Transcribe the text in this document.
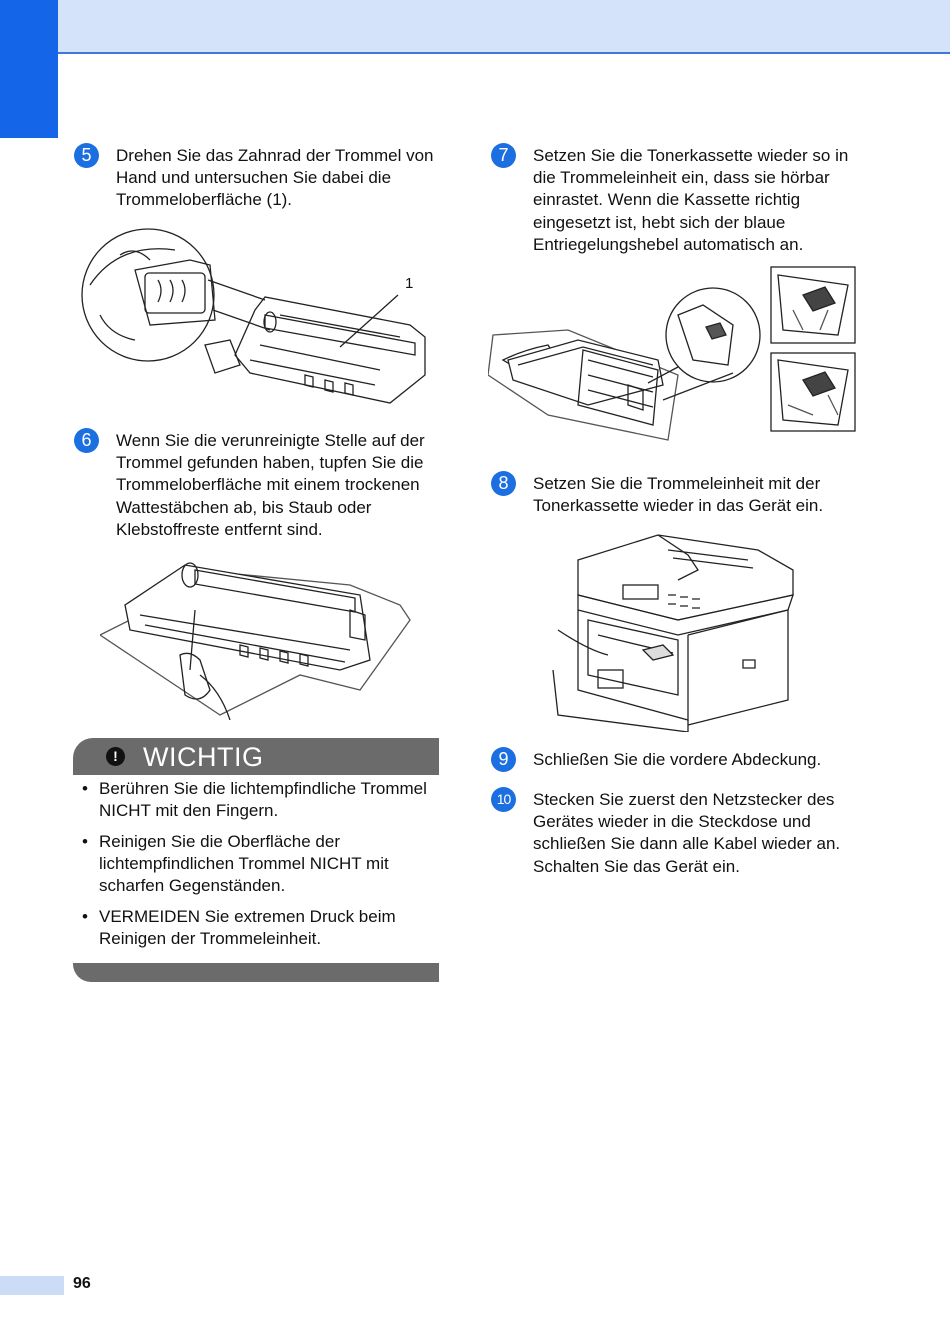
5	Drehen Sie das Zahnrad der Trommel von Hand und untersuchen Sie dabei die Trommeloberfläche (1).
1
6	Wenn Sie die verunreinigte Stelle auf der Trommel gefunden haben, tupfen Sie die Trommeloberfläche mit einem trockenen Wattestäbchen ab, bis Staub oder Klebstoffreste entfernt sind.
! WICHTIG
• Berühren Sie die lichtempfindliche Trommel NICHT mit den Fingern.
• Reinigen Sie die Oberfläche der lichtempfindlichen Trommel NICHT mit scharfen Gegenständen.
• VERMEIDEN Sie extremen Druck beim Reinigen der Trommeleinheit.
7	Setzen Sie die Tonerkassette wieder so in die Trommeleinheit ein, dass sie hörbar einrastet. Wenn die Kassette richtig eingesetzt ist, hebt sich der blaue Entriegelungshebel automatisch an.
8	Setzen Sie die Trommeleinheit mit der Tonerkassette wieder in das Gerät ein.
9	Schließen Sie die vordere Abdeckung.
10	Stecken Sie zuerst den Netzstecker des Gerätes wieder in die Steckdose und schließen Sie dann alle Kabel wieder an. Schalten Sie das Gerät ein.
96
